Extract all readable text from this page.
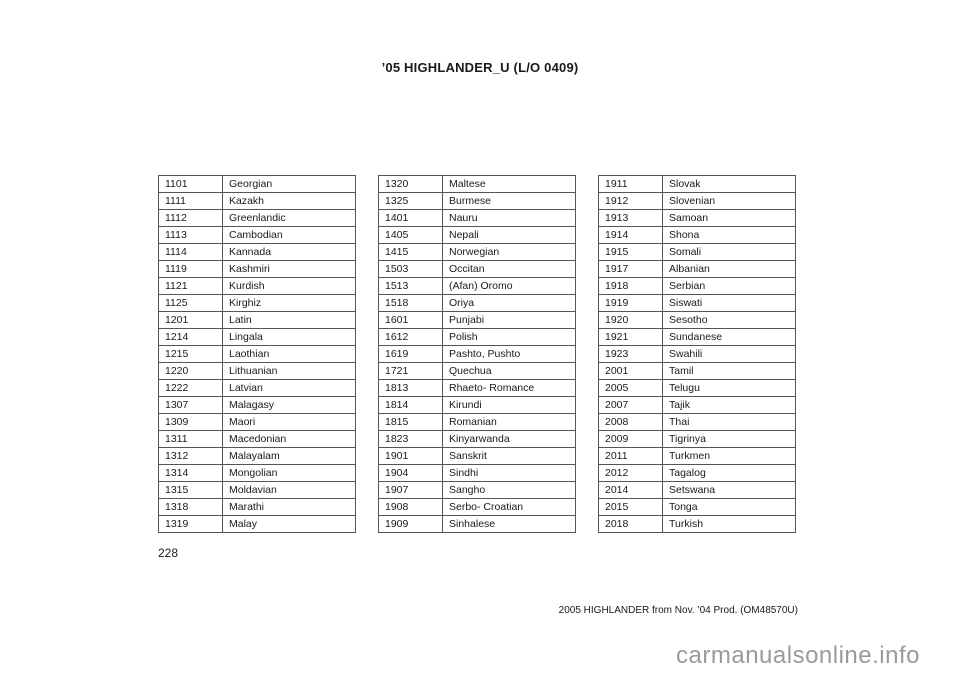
’05 HIGHLANDER_U (L/O 0409)
1101	Georgian
1111	Kazakh
1112	Greenlandic
1113	Cambodian
1114	Kannada
1119	Kashmiri
1121	Kurdish
1125	Kirghiz
1201	Latin
1214	Lingala
1215	Laothian
1220	Lithuanian
1222	Latvian
1307	Malagasy
1309	Maori
1311	Macedonian
1312	Malayalam
1314	Mongolian
1315	Moldavian
1318	Marathi
1319	Malay
1320	Maltese
1325	Burmese
1401	Nauru
1405	Nepali
1415	Norwegian
1503	Occitan
1513	(Afan) Oromo
1518	Oriya
1601	Punjabi
1612	Polish
1619	Pashto, Pushto
1721	Quechua
1813	Rhaeto- Romance
1814	Kirundi
1815	Romanian
1823	Kinyarwanda
1901	Sanskrit
1904	Sindhi
1907	Sangho
1908	Serbo- Croatian
1909	Sinhalese
1911	Slovak
1912	Slovenian
1913	Samoan
1914	Shona
1915	Somali
1917	Albanian
1918	Serbian
1919	Siswati
1920	Sesotho
1921	Sundanese
1923	Swahili
2001	Tamil
2005	Telugu
2007	Tajik
2008	Thai
2009	Tigrinya
2011	Turkmen
2012	Tagalog
2014	Setswana
2015	Tonga
2018	Turkish
228
2005 HIGHLANDER from Nov. ’04 Prod. (OM48570U)
carmanualsonline.info
